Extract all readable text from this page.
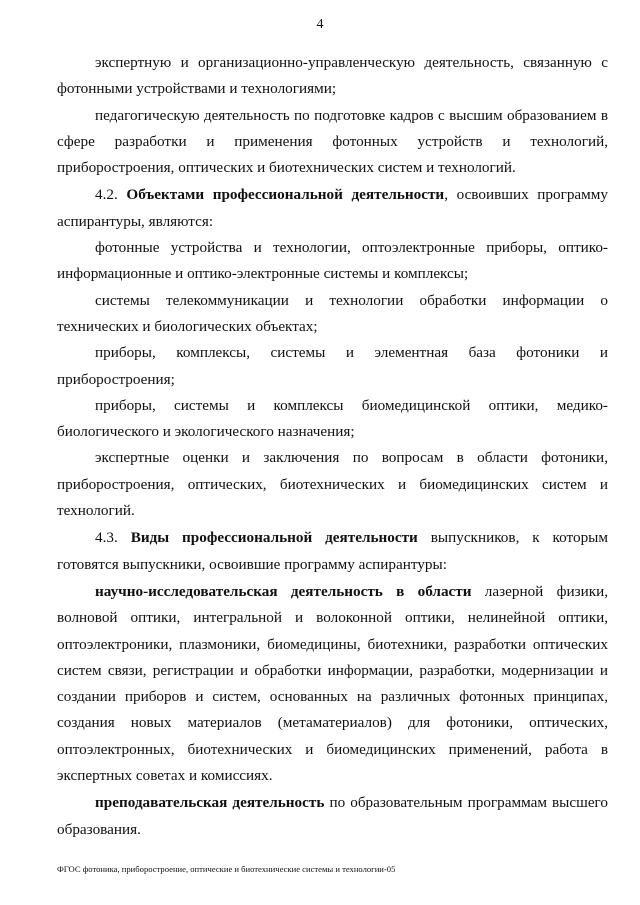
4

экспертную и организационно-управленческую деятельность, связанную с фотонными устройствами и технологиями;

педагогическую деятельность по подготовке кадров с высшим образованием в сфере разработки и применения фотонных устройств и технологий, приборостроения, оптических и биотехнических систем и технологий.

4.2. Объектами профессиональной деятельности, освоивших программу аспирантуры, являются:

фотонные устройства и технологии, оптоэлектронные приборы, оптико-информационные и оптико-электронные системы и комплексы;

системы телекоммуникации и технологии обработки информации о технических и биологических объектах;

приборы, комплексы, системы и элементная база фотоники и приборостроения;

приборы, системы и комплексы биомедицинской оптики, медико-биологического и экологического назначения;

экспертные оценки и заключения по вопросам в области фотоники, приборостроения, оптических, биотехнических и биомедицинских систем и технологий.

4.3. Виды профессиональной деятельности выпускников, к которым готовятся выпускники, освоившие программу аспирантуры:

научно-исследовательская деятельность в области лазерной физики, волновой оптики, интегральной и волоконной оптики, нелинейной оптики, оптоэлектроники, плазмоники, биомедицины, биотехники, разработки оптических систем связи, регистрации и обработки информации, разработки, модернизации и создании приборов и систем, основанных на различных фотонных принципах, создания новых материалов (метаматериалов) для фотоники, оптических, оптоэлектронных, биотехнических и биомедицинских применений, работа в экспертных советах и комиссиях.

преподавательская деятельность по образовательным программам высшего образования.

ФГОС фотоника, приборостроение, оптические и биотехнические системы и технологии-05
